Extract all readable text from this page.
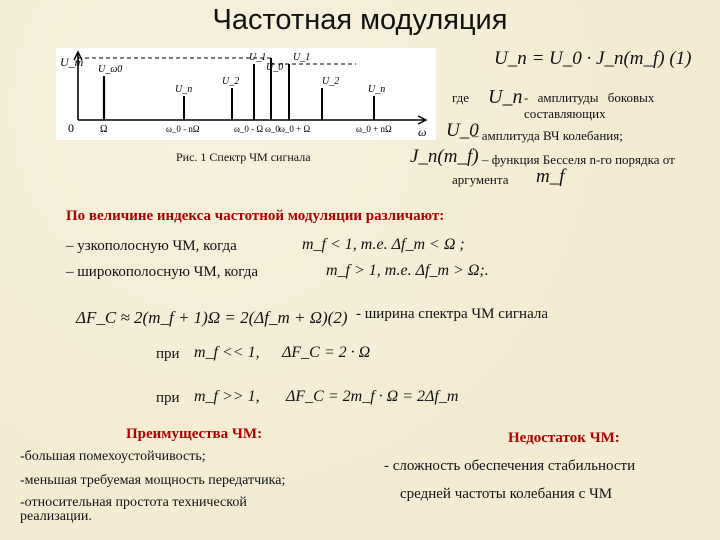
Частотная модуляция
U_m
0	ω
U_ω0
U_n
U_2
U_1
U_0
U_1
U_2
U_n
Ω	ω_0 - nΩ	ω_0 - Ω ω_0 ω_0 + Ω	ω_0 + nΩ
Рис. 1 Спектр ЧМ сигнала
U_n = U_0 · J_n(m_f) (1)
где U_n - амплитуды боковых
составляющих
U_0
– амплитуда ВЧ колебания;
J_n(m_f) – функция Бесселя n-го порядка от
аргумента m_f
По величине индекса частотной модуляции различают:
– узкополосную ЧМ, когда	m_f < 1, т.е. Δf_m < Ω ;
– широкополосную ЧМ, когда	m_f > 1, т.е. Δf_m > Ω;.
ΔF_C ≈ 2(m_f + 1)Ω = 2(Δf_m + Ω)(2) - ширина спектра ЧМ сигнала
при m_f << 1, ΔF_C = 2 · Ω
при m_f >> 1, ΔF_C = 2m_f · Ω = 2Δf_m
Преимущества ЧМ:
-большая помехоустойчивость;
-меньшая требуемая мощность передатчика;
-относительная простота технической реализации.
Недостаток ЧМ:
- сложность обеспечения стабильности
средней частоты колебания с ЧМ
